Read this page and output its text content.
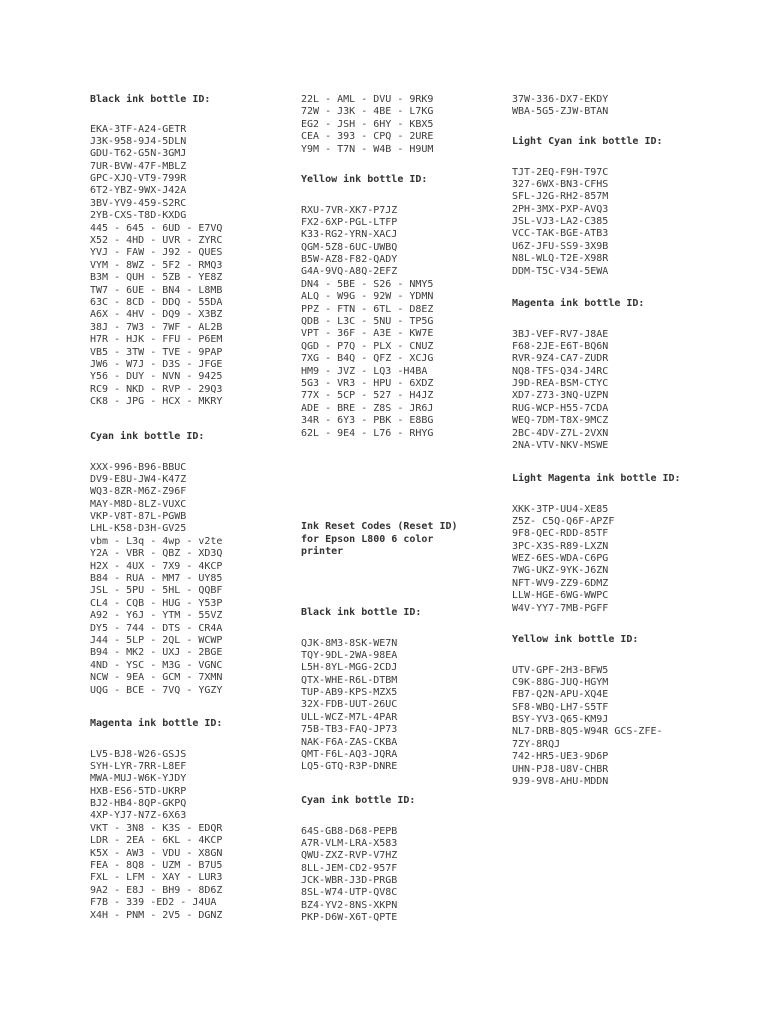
Black ink bottle ID:

EKA-3TF-A24-GETR
J3K-958-9J4-5DLN
GDU-T62-G5N-3GMJ
7UR-BVW-47F-MBLZ
GPC-XJQ-VT9-799R
6T2-YBZ-9WX-J42A
3BV-YV9-459-S2RC
2YB-CXS-T8D-KXDG
445 - 645 - 6UD - E7VQ
X52 - 4HD - UVR - ZYRC
YVJ - FAW - J92 - QUES
VYM - 8WZ - 5F2 - RMQ3
B3M - QUH - 5ZB - YE8Z
TW7 - 6UE - BN4 - L8MB
63C - 8CD - DDQ - 55DA
A6X - 4HV - DQ9 - X3BZ
38J - 7W3 - 7WF - AL2B
H7R - HJK - FFU - P6EM
VB5 - 3TW - TVE - 9PAP
JW6 - W7J - D3S - JFGE
Y56 - DUY - NVN - 9425
RC9 - NKD - RVP - 29Q3
CK8 - JPG - HCX - MKRY

Cyan ink bottle ID:

XXX-996-B96-BBUC
DV9-E8U-JW4-K47Z
WQ3-8ZR-M6Z-Z96F
MAY-M8D-8LZ-VUXC
VKP-V8T-87L-PGWB
LHL-K58-D3H-GV25
vbm - L3q - 4wp - v2te
Y2A - VBR - QBZ - XD3Q
H2X - 4UX - 7X9 - 4KCP
B84 - RUA - MM7 - UY85
JSL - 5PU - 5HL - QQBF
CL4 - CQB - HUG - Y53P
A92 - Y6J - YTM - 55VZ
DY5 - 744 - DTS - CR4A
J44 - 5LP - 2QL - WCWP
B94 - MK2 - UXJ - 2BGE
4ND - YSC - M3G - VGNC
NCW - 9EA - GCM - 7XMN
UQG - BCE - 7VQ - YGZY

Magenta ink bottle ID:

LV5-BJ8-W26-GSJS
SYH-LYR-7RR-L8EF
MWA-MUJ-W6K-YJDY
HXB-ES6-5TD-UKRP
BJ2-HB4-8QP-GKPQ
4XP-YJ7-N7Z-6X63
VKT - 3N8 - K3S - EDQR
LDR - 2EA - 6KL - 4KCP
K5X - AW3 - VDU - X8GN
FEA - 8Q8 - UZM - B7U5
FXL - LFM - XAY - LUR3
9A2 - E8J - BH9 - 8D6Z
F7B - 339 -ED2 - J4UA
X4H - PNM - 2V5 - DGNZ
22L - AML - DVU - 9RK9
72W - J3K - 4BE - L7KG
EG2 - JSH - 6HY - KBX5
CEA - 393 - CPQ - 2URE
Y9M - T7N - W4B - H9UM

Yellow ink bottle ID:

RXU-7VR-XK7-P7JZ
FX2-6XP-PGL-LTFP
K33-RG2-YRN-XACJ
QGM-5Z8-6UC-UWBQ
B5W-AZ8-F82-QADY
G4A-9VQ-A8Q-2EFZ
DN4 - 5BE - S26 - NMY5
ALQ - W9G - 92W - YDMN
PPZ - FTN - 6TL - D8EZ
QDB - L3C - 5NU - TP5G
VPT - 36F - A3E - KW7E
QGD - P7Q - PLX - CNUZ
7XG - B4Q - QFZ - XCJG
HM9 - JVZ - LQ3 -H4BA
5G3 - VR3 - HPU - 6XDZ
77X - 5CP - 527 - H4JZ
ADE - BRE - Z8S - JR6J
34R - 6Y3 - PBK - E8BG
62L - 9E4 - L76 - RHYG

Ink Reset Codes (Reset ID) for Epson L800 6 color printer

Black ink bottle ID:

QJK-8M3-8SK-WE7N
TQY-9DL-2WA-98EA
L5H-8YL-MGG-2CDJ
QTX-WHE-R6L-DTBM
TUP-AB9-KPS-MZX5
32X-FDB-UUT-26UC
ULL-WCZ-M7L-4PAR
75B-TB3-FAQ-JP73
NAK-F6A-ZAS-CKBA
QMT-F6L-AQ3-JQRA
LQ5-GTQ-R3P-DNRE

Cyan ink bottle ID:

64S-GB8-D68-PEPB
A7R-VLM-LRA-X583
QWU-ZXZ-RVP-V7HZ
8LL-JEM-CD2-957F
JCK-WBR-J3D-PRGB
8SL-W74-UTP-QV8C
BZ4-YV2-8NS-XKPN
PKP-D6W-X6T-QPTE
37W-336-DX7-EKDY
WBA-5G5-ZJW-BTAN

Light Cyan ink bottle ID:

TJT-2EQ-F9H-T97C
327-6WX-BN3-CFHS
SFL-J2G-RH2-857M
2PH-3MX-PXP-AVQ3
JSL-VJ3-LA2-C385
VCC-TAK-BGE-ATB3
U6Z-JFU-SS9-3X9B
N8L-WLQ-T2E-X98R
DDM-T5C-V34-5EWA

Magenta ink bottle ID:

3BJ-VEF-RV7-J8AE
F68-2JE-E6T-BQ6N
RVR-9Z4-CA7-ZUDR
NQ8-TFS-Q34-J4RC
J9D-REA-BSM-CTYC
XD7-Z73-3NQ-UZPN
RUG-WCP-H55-7CDA
WEQ-7DM-T8X-9MCZ
2BC-4DV-Z7L-2VXN
2NA-VTV-NKV-MSWE

Light Magenta ink bottle ID:

XKK-3TP-UU4-XE85
Z5Z- C5Q-Q6F-APZF
9F8-QEC-RDD-85TF
3PC-X3S-R89-LXZN
WEZ-6ES-WDA-C6PG
7WG-UKZ-9YK-J6ZN
NFT-WV9-ZZ9-6DMZ
LLW-HGE-6WG-WWPC
W4V-YY7-7MB-PGFF

Yellow ink bottle ID:

UTV-GPF-2H3-BFW5
C9K-88G-JUQ-HGYM
FB7-Q2N-APU-XQ4E
SF8-WBQ-LH7-S5TF
BSY-YV3-Q65-KM9J
NL7-DRB-8Q5-W94R GCS-ZFE-
7ZY-8RQJ
742-HR5-UE3-9D6P
UHN-PJ8-U8V-CHBR
9J9-9V8-AHU-MDDN
